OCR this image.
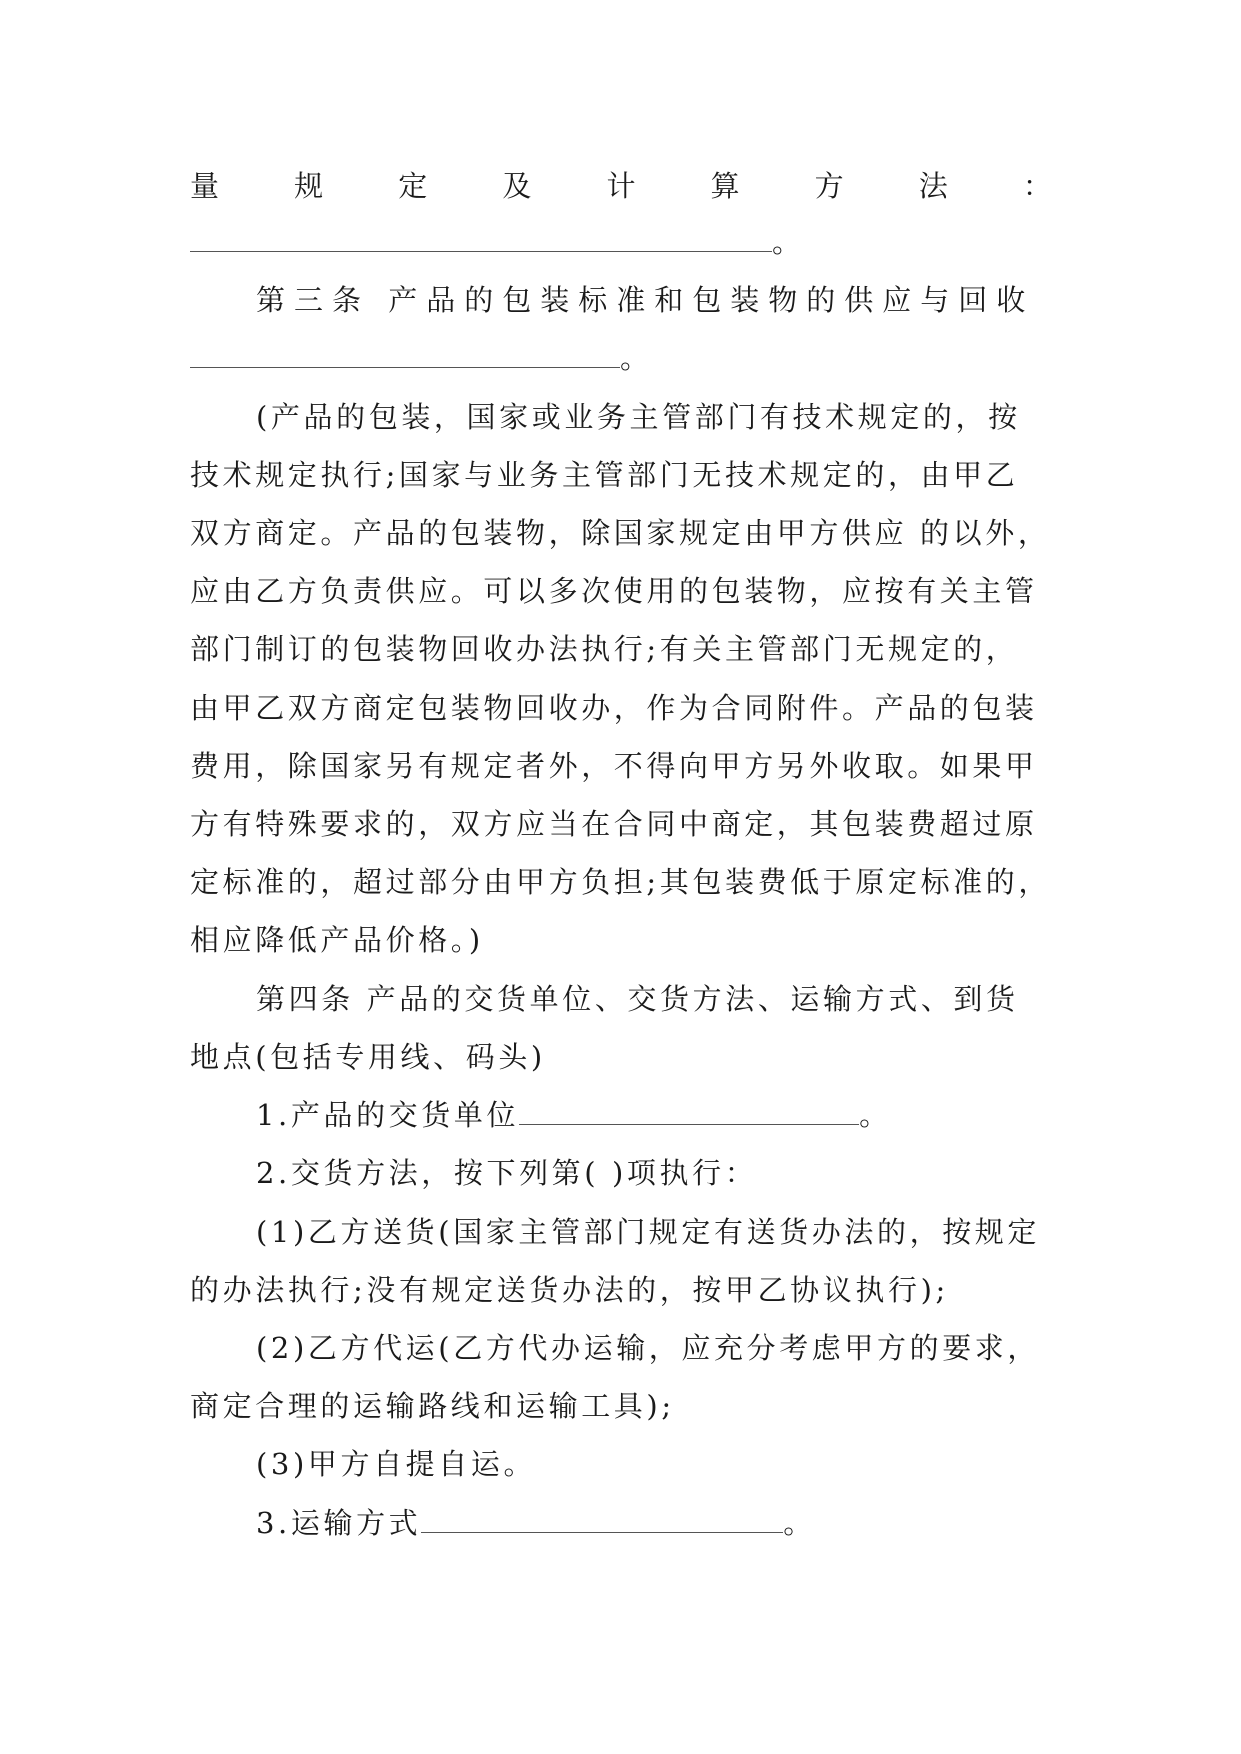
量	规	定	及	计	算	方	法	：
。
第三条 产品的包装标准和包装物的供应与回收
。
(产品的包装，国家或业务主管部门有技术规定的，按
技术规定执行;国家与业务主管部门无技术规定的，由甲乙
双方商定。产品的包装物，除国家规定由甲方供应 的以外，
应由乙方负责供应。可以多次使用的包装物，应按有关主管
部门制订的包装物回收办法执行;有关主管部门无规定的，
由甲乙双方商定包装物回收办，作为合同附件。产品的包装
费用，除国家另有规定者外，不得向甲方另外收取。如果甲
方有特殊要求的，双方应当在合同中商定，其包装费超过原
定标准的，超过部分由甲方负担;其包装费低于原定标准的，
相应降低产品价格。)
第四条 产品的交货单位、交货方法、运输方式、到货
地点(包括专用线、码头)
1.产品的交货单位	。
2.交货方法，按下列第( )项执行：
(1)乙方送货(国家主管部门规定有送货办法的，按规定
的办法执行;没有规定送货办法的，按甲乙协议执行);
(2)乙方代运(乙方代办运输，应充分考虑甲方的要求，
商定合理的运输路线和运输工具);
(3)甲方自提自运。
3.运输方式	。
